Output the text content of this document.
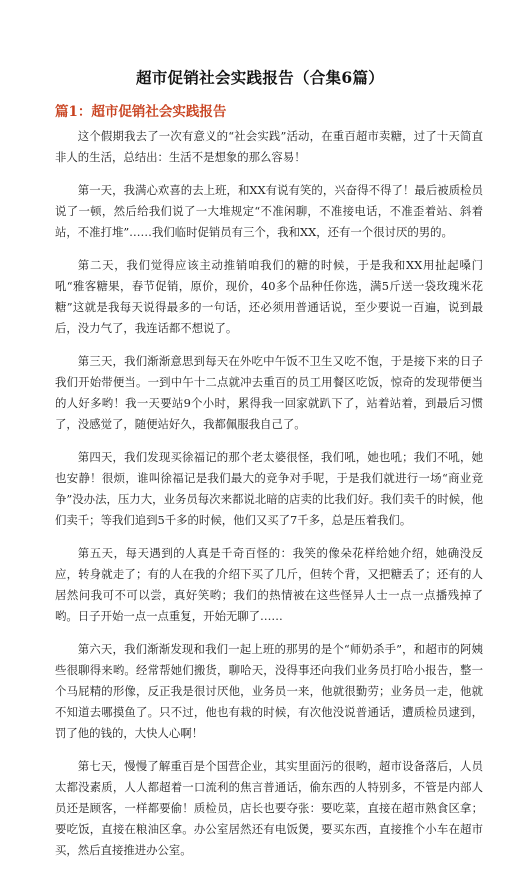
超市促销社会实践报告（合集6篇）
篇1：超市促销社会实践报告

这个假期我去了一次有意义的“社会实践”活动，在重百超市卖糖，过了十天简直非人的生活，总结出：生活不是想象的那么容易！

第一天，我满心欢喜的去上班，和XX有说有笑的，兴奋得不得了！最后被质检员说了一顿，然后给我们说了一大堆规定“不准闲聊，不准接电话，不准歪着站、斜着站，不准打堆”……我们临时促销员有三个，我和XX，还有一个很讨厌的男的。

第二天，我们觉得应该主动推销咱我们的糖的时候，于是我和XX用扯起嗓门吼“雅客糖果，春节促销，原价，现价，40多个品种任你选，满5斤送一袋玫瑰米花糖”这就是我每天说得最多的一句话，还必须用普通话说，至少要说一百遍，说到最后，没力气了，我连话都不想说了。

第三天，我们渐渐意思到每天在外吃中午饭不卫生又吃不饱，于是接下来的日子我们开始带便当。一到中午十二点就冲去重百的员工用餐区吃饭，惊奇的发现带便当的人好多哟！我一天要站9个小时，累得我一回家就趴下了，站着站着，到最后习惯了，没感觉了，随便站好久，我都佩服我自己了。

第四天，我们发现买徐福记的那个老太婆很怪，我们吼，她也吼；我们不吼，她也安静！很烦，谁叫徐福记是我们最大的竞争对手呢，于是我们就进行一场“商业竞争”没办法，压力大，业务员每次来都说北暗的店卖的比我们好。我们卖千的时候，他们卖千；等我们追到5千多的时候，他们又买了7千多，总是压着我们。

第五天，每天遇到的人真是千奇百怪的：我笑的像朵花样给她介绍，她确没反应，转身就走了；有的人在我的介绍下买了几斤，但转个背，又把糖丢了；还有的人居然问我可不可以尝，真好笑哟；我们的热情被在这些怪异人士一点一点播残掉了哟。日子开始一点一点重复，开始无聊了……

第六天，我们渐渐发现和我们一起上班的那男的是个“师奶杀手”，和超市的阿姨些很聊得来哟。经常帮她们搬货，聊哈天，没得事还向我们业务员打哈小报告，整一个马屁精的形像，反正我是很讨厌他，业务员一来，他就很勤劳；业务员一走，他就不知道去哪摸鱼了。只不过，他也有栽的时候，有次他没说普通话，遭质检员逮到，罚了他的钱的，大快人心啊！

第七天，慢慢了解重百是个国营企业，其实里面污的很哟，超市设备落后，人员太都没素质，人人都超着一口流利的焦言普通话，偷东西的人特别多，不管是内部人员还是顾客，一样都要偷！质检员，店长也要夺张：要吃菜，直接在超市熟食区拿；要吃饭，直接在粮油区拿。办公室居然还有电饭煲，要买东西，直接推个小车在超市买，然后直接推进办公室。
